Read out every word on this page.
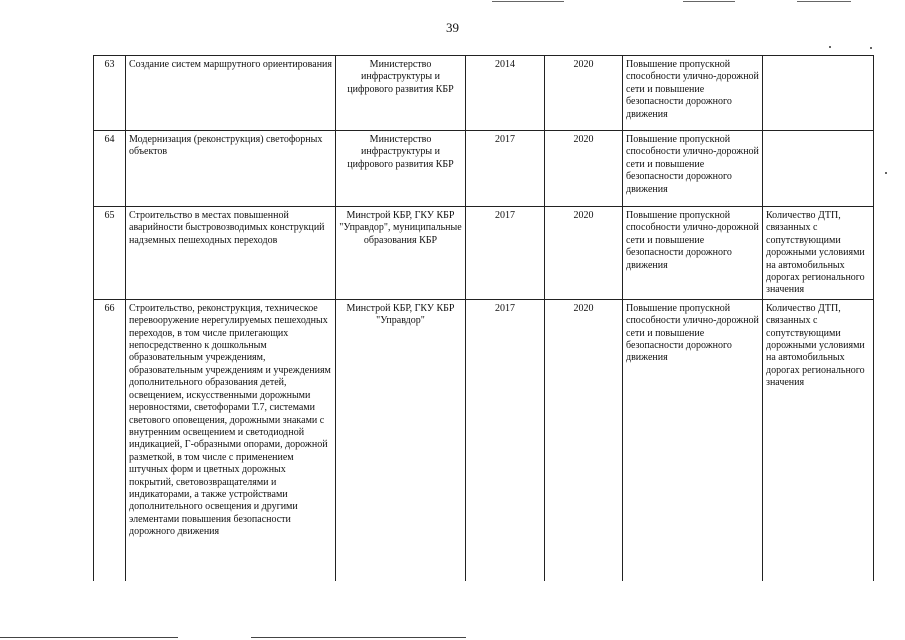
39
63	Создание систем маршрутного ориентирования	Министерство инфраструктуры и цифрового развития КБР	2014	2020	Повышение пропускной способности улично-дорожной сети и повышение безопасности дорожного движения	
64	Модернизация (реконструкция) светофорных объектов	Министерство инфраструктуры и цифрового развития КБР	2017	2020	Повышение пропускной способности улично-дорожной сети и повышение безопасности дорожного движения	
65	Строительство в местах повышенной аварийности быстровозводимых конструкций надземных пешеходных переходов	Минстрой КБР, ГКУ КБР "Управдор", муниципальные образования КБР	2017	2020	Повышение пропускной способности улично-дорожной сети и повышение безопасности дорожного движения	Количество ДТП, связанных с сопутствующими дорожными условиями на автомобильных дорогах регионального значения
66	Строительство, реконструкция, техническое перевооружение нерегулируемых пешеходных переходов, в том числе прилегающих непосредственно к дошкольным образовательным учреждениям, образовательным учреждениям и учреждениям дополнительного образования детей, освещением, искусственными дорожными неровностями, светофорами Т.7, системами светового оповещения, дорожными знаками с внутренним освещением и светодиодной индикацией, Г-образными опорами, дорожной разметкой, в том числе с применением штучных форм и цветных дорожных покрытий, световозвращателями и индикаторами, а также устройствами дополнительного освещения и другими элементами повышения безопасности дорожного движения	Минстрой КБР, ГКУ КБР "Управдор"	2017	2020	Повышение пропускной способности улично-дорожной сети и повышение безопасности дорожного движения	Количество ДТП, связанных с сопутствующими дорожными условиями на автомобильных дорогах регионального значения
